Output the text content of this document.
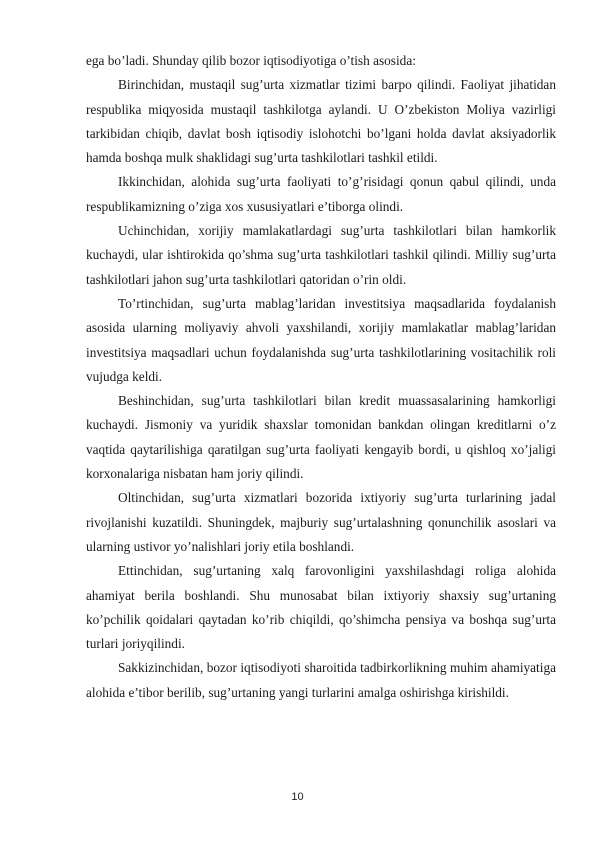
ega bo’ladi. Shunday qilib bozor iqtisodiyotiga o’tish asosida:

Birinchidan, mustaqil sug’urta xizmatlar tizimi barpo qilindi. Faoliyat jihatidan respublika miqyosida mustaqil tashkilotga aylandi. U O’zbekiston Moliya vazirligi tarkibidan chiqib, davlat bosh iqtisodiy islohotchi bo’lgani holda davlat aksiyadorlik hamda boshqa mulk shaklidagi sug’urta tashkilotlari tashkil etildi.

Ikkinchidan, alohida sug’urta faoliyati to’g’risidagi qonun qabul qilindi, unda respublikamizning o’ziga xos xususiyatlari e’tiborga olindi.

Uchinchidan, xorijiy mamlakatlardagi sug’urta tashkilotlari bilan hamkorlik kuchaydi, ular ishtirokida qo’shma sug’urta tashkilotlari tashkil qilindi. Milliy sug’urta tashkilotlari jahon sug’urta tashkilotlari qatoridan o’rin oldi.

To’rtinchidan, sug’urta mablag’laridan investitsiya maqsadlarida foydalanish asosida ularning moliyaviy ahvoli yaxshilandi, xorijiy mamlakatlar mablag’laridan investitsiya maqsadlari uchun foydalanishda sug’urta tashkilotlarining vositachilik roli vujudga keldi.

Beshinchidan, sug’urta tashkilotlari bilan kredit muassasalarining hamkorligi kuchaydi. Jismoniy va yuridik shaxslar tomonidan bankdan olingan kreditlarni o’z vaqtida qaytarilishiga qaratilgan sug’urta faoliyati kengayib bordi, u qishloq xo’jaligi korxonalariga nisbatan ham joriy qilindi.

Oltinchidan, sug’urta xizmatlari bozorida ixtiyoriy sug’urta turlarining jadal rivojlanishi kuzatildi. Shuningdek, majburiy sug’urtalashning qonunchilik asoslari va ularning ustivor yo’nalishlari joriy etila boshlandi.

Ettinchidan, sug’urtaning xalq farovonligini yaxshilashdagi roliga alohida ahamiyat berila boshlandi. Shu munosabat bilan ixtiyoriy shaxsiy sug’urtaning ko’pchilik qoidalari qaytadan ko’rib chiqildi, qo’shimcha pensiya va boshqa sug’urta turlari joriyqilindi.

Sakkizinchidan, bozor iqtisodiyoti sharoitida tadbirkorlikning muhim ahamiyatiga alohida e’tibor berilib, sug’urtaning yangi turlarini amalga oshirishga kirishildi.

10
